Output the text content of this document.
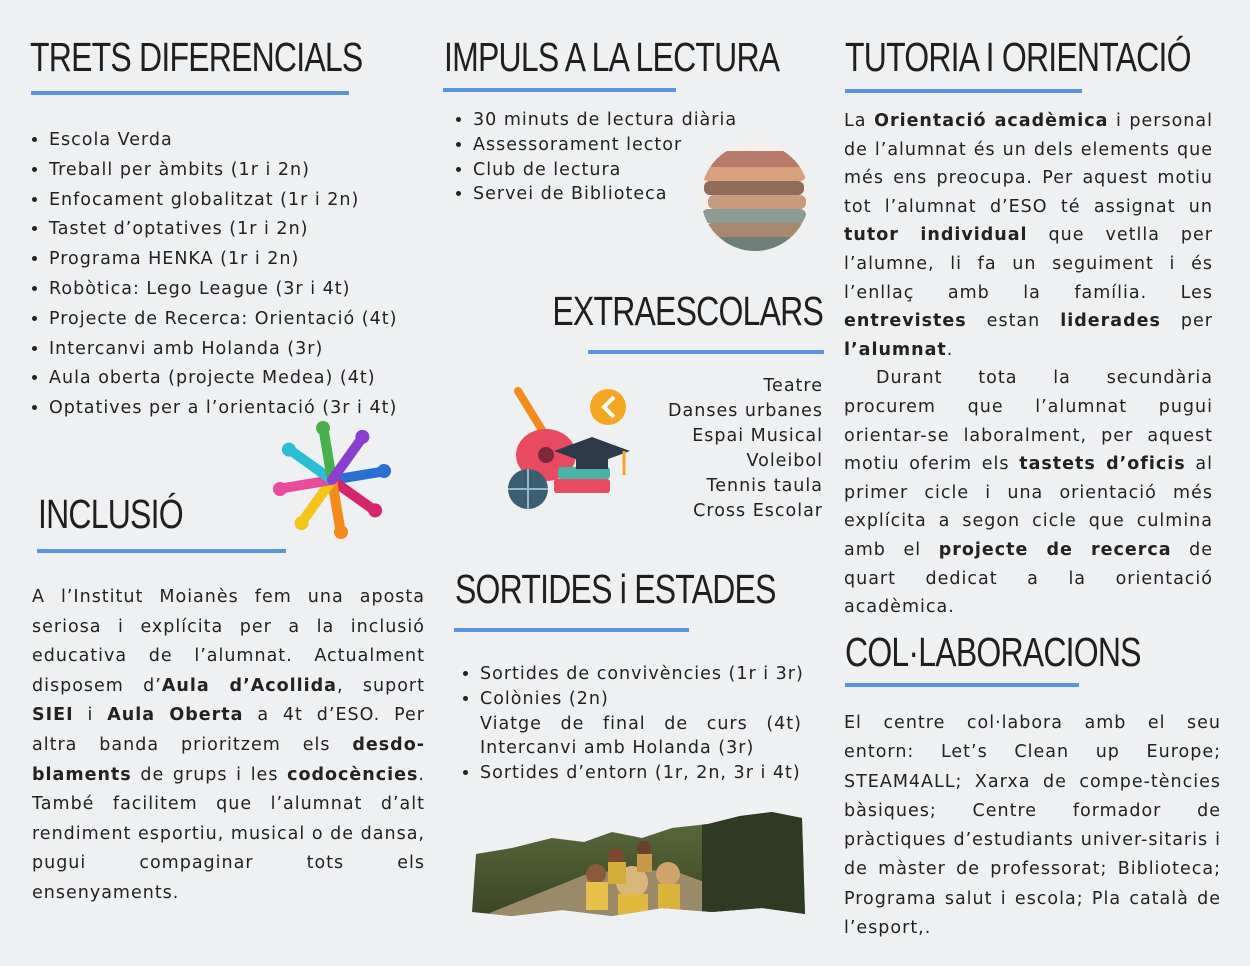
TRETS DIFERENCIALS
• Escola Verda
• Treball per àmbits (1r i 2n)
• Enfocament globalitzat (1r i 2n)
• Tastet d’optatives (1r i 2n)
• Programa HENKA (1r i 2n)
• Robòtica: Lego League (3r i 4t)
• Projecte de Recerca: Orientació (4t)
• Intercanvi amb Holanda (3r)
• Aula oberta (projecte Medea) (4t)
• Optatives per a l’orientació (3r i 4t)
INCLUSIÓ

A l’Institut Moianès fem una aposta seriosa i explícita per a la inclusió educativa de l’alumnat. Actualment disposem d’Aula d’Acollida, suport SIEI i Aula Oberta a 4t d’ESO. Per altra banda prioritzem els desdo-blaments de grups i les codocències. També facilitem que l’alumnat d’alt rendiment esportiu, musical o de dansa, pugui compaginar tots els ensenyaments.

IMPULS A LA LECTURA
• 30 minuts de lectura diària
• Assessorament lector
• Club de lectura
• Servei de Biblioteca
EXTRAESCOLARS
Teatre
Danses urbanes
Espai Musical
Voleibol
Tennis taula
Cross Escolar
SORTIDES i ESTADES
• Sortides de convivències (1r i 3r)
• Colònies (2n)
Viatge de final de curs (4t)
Intercanvi amb Holanda (3r)
• Sortides d’entorn (1r, 2n, 3r i 4t)
TUTORIA I ORIENTACIÓ
La Orientació acadèmica i personal de l’alumnat és un dels elements que més ens preocupa. Per aquest motiu tot l’alumnat d’ESO té assignat un tutor individual que vetlla per l’alumne, li fa un seguiment i és l’enllaç amb la família. Les entrevistes estan liderades per l’alumnat.
Durant tota la secundària procurem que l’alumnat pugui orientar-se laboralment, per aquest motiu oferim els tastets d’oficis al primer cicle i una orientació més explícita a segon cicle que culmina amb el projecte de recerca de quart dedicat a la orientació acadèmica.
COL·LABORACIONS

El centre col·labora amb el seu entorn: Let’s Clean up Europe; STEAM4ALL; Xarxa de compe-tències bàsiques; Centre formador de pràctiques d’estudiants univer-sitaris i de màster de professorat; Biblioteca; Programa salut i escola; Pla català de l’esport,.
